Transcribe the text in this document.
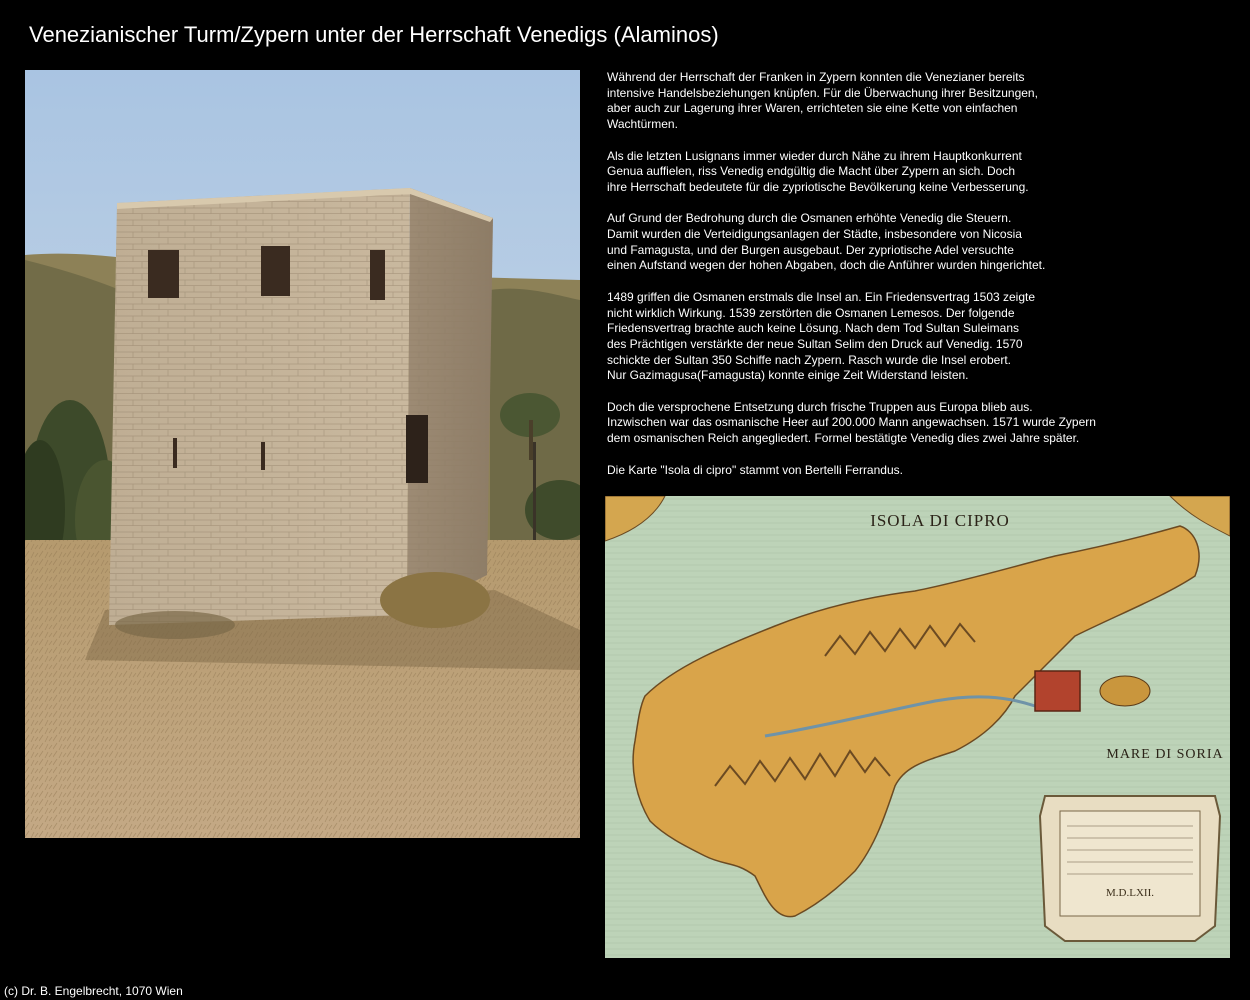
Venezianischer Turm/Zypern unter der Herrschaft Venedigs (Alaminos)

Während der Herrschaft der Franken in Zypern konnten die Venezianer bereits
intensive Handelsbeziehungen knüpfen. Für die Überwachung ihrer Besitzungen,
aber auch zur Lagerung ihrer Waren, errichteten sie eine Kette von einfachen
Wachtürmen.

Als die letzten Lusignans immer wieder durch Nähe zu ihrem Hauptkonkurrent
Genua auffielen, riss Venedig endgültig die Macht über Zypern an sich. Doch
ihre Herrschaft bedeutete für die zypriotische Bevölkerung keine Verbesserung.

Auf Grund der Bedrohung durch die Osmanen erhöhte Venedig die Steuern.
Damit wurden die Verteidigungsanlagen der Städte, insbesondere von Nicosia
und Famagusta, und der Burgen ausgebaut. Der zypriotische Adel versuchte
einen Aufstand wegen der hohen Abgaben, doch die Anführer wurden hingerichtet.

1489 griffen die Osmanen erstmals die Insel an. Ein Friedensvertrag 1503 zeigte
nicht wirklich Wirkung. 1539 zerstörten die Osmanen Lemesos. Der folgende
Friedensvertrag brachte auch keine Lösung. Nach dem Tod Sultan Suleimans
des Prächtigen verstärkte der neue Sultan Selim den Druck auf Venedig. 1570
schickte der Sultan 350 Schiffe nach Zypern. Rasch wurde die Insel erobert.
Nur Gazimagusa(Famagusta) konnte einige Zeit Widerstand leisten.

Doch die versprochene Entsetzung durch frische Truppen aus Europa blieb aus.
Inzwischen war das osmanische Heer auf 200.000 Mann angewachsen. 1571 wurde Zypern
dem osmanischen Reich angegliedert. Formel bestätigte Venedig dies zwei Jahre später.

Die Karte "Isola di cipro" stammt von Bertelli Ferrandus.

M.D.LXII.
ISOLA DI CIPRO
MARE DI SORIA
(c) Dr. B. Engelbrecht, 1070 Wien
